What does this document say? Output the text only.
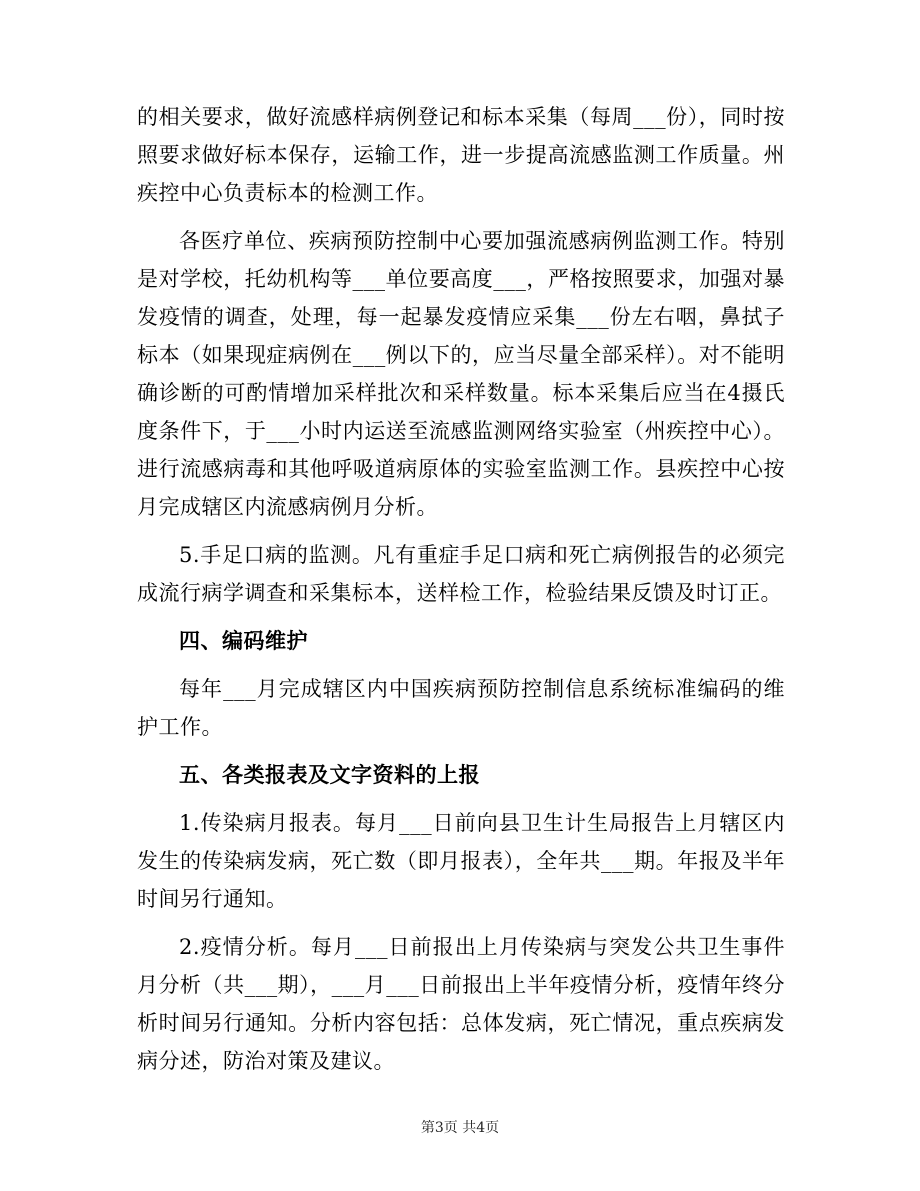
的相关要求，做好流感样病例登记和标本采集（每周___份），同时按照要求做好标本保存，运输工作，进一步提高流感监测工作质量。州疾控中心负责标本的检测工作。

各医疗单位、疾病预防控制中心要加强流感病例监测工作。特别是对学校，托幼机构等___单位要高度___，严格按照要求，加强对暴发疫情的调查，处理，每一起暴发疫情应采集___份左右咽，鼻拭子标本（如果现症病例在___例以下的，应当尽量全部采样）。对不能明确诊断的可酌情增加采样批次和采样数量。标本采集后应当在4摄氏度条件下，于___小时内运送至流感监测网络实验室（州疾控中心）。进行流感病毒和其他呼吸道病原体的实验室监测工作。县疾控中心按月完成辖区内流感病例月分析。

5.手足口病的监测。凡有重症手足口病和死亡病例报告的必须完成流行病学调查和采集标本，送样检工作，检验结果反馈及时订正。

四、编码维护

每年___月完成辖区内中国疾病预防控制信息系统标准编码的维护工作。

五、各类报表及文字资料的上报

1.传染病月报表。每月___日前向县卫生计生局报告上月辖区内发生的传染病发病，死亡数（即月报表），全年共___期。年报及半年时间另行通知。

2.疫情分析。每月___日前报出上月传染病与突发公共卫生事件月分析（共___期），___月___日前报出上半年疫情分析，疫情年终分析时间另行通知。分析内容包括：总体发病，死亡情况，重点疾病发病分述，防治对策及建议。

第3页 共4页
